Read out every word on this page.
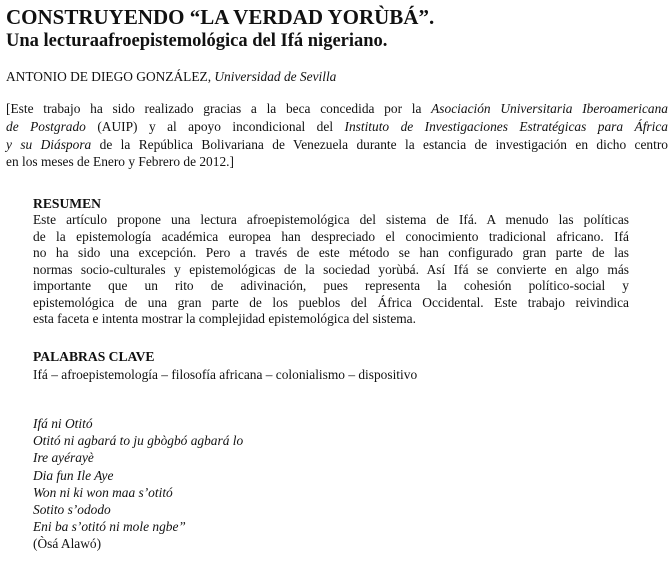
CONSTRUYENDO “LA VERDAD YORÙBÁ”.
Una lecturaafroepistemológica del Ifá nigeriano.
ANTONIO DE DIEGO GONZÁLEZ, Universidad de Sevilla
[Este trabajo ha sido realizado gracias a la beca concedida por la Asociación Universitaria Iberoamericana
de Postgrado (AUIP) y al apoyo incondicional del Instituto de Investigaciones Estratégicas para África
y su Diáspora de la República Bolivariana de Venezuela durante la estancia de investigación en dicho centro
en los meses de Enero y Febrero de 2012.]
RESUMEN
Este artículo propone una lectura afroepistemológica del sistema de Ifá. A menudo las políticas
de la epistemología académica europea han despreciado el conocimiento tradicional africano. Ifá
no ha sido una excepción. Pero a través de este método se han configurado gran parte de las
normas socio-culturales y epistemológicas de la sociedad yorùbá. Así Ifá se convierte en algo más
importante que un rito de adivinación, pues representa la cohesión político-social y
epistemológica de una gran parte de los pueblos del África Occidental. Este trabajo reivindica
esta faceta e intenta mostrar la complejidad epistemológica del sistema.
PALABRAS CLAVE
Ifá – afroepistemología – filosofía africana – colonialismo – dispositivo
Ifá ni Otitó
Otitó ni agbará to ju gbògbó agbará lo
Ire ayérayè
Dia fun Ile Aye
Won ni ki won maa s’otitó
Sotito s’ododo
Eni ba s’otitó ni mole ngbe”
(Òsá Alawó)
